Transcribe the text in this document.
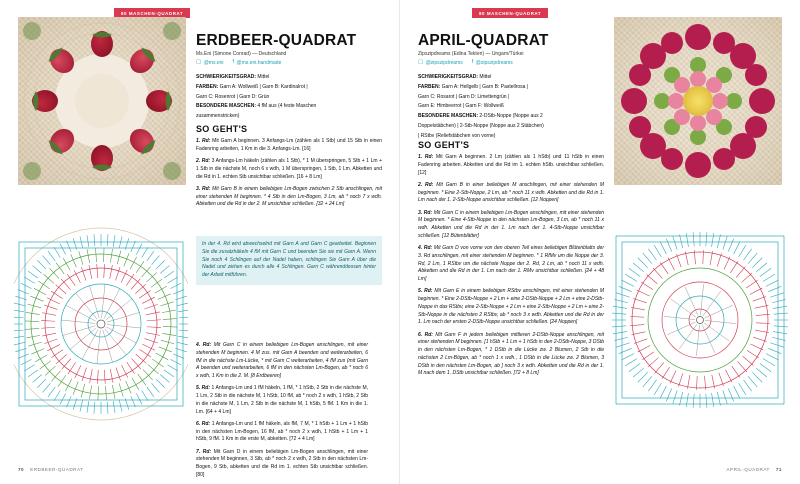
80 MASCHEN-QUADRAT
ERDBEER-QUADRAT
Ms.Eni (Simone Conrad) — Deutschland
▢ @ms.eni f @ms.eni.handmade
SCHWIERIGKEITSGRAD: Mittel
FARBEN: Garn A: Wollweiß | Garn B: Kardinalrot |
Garn C: Rosenrot | Garn D: Grün
BESONDERE MASCHEN: 4 fM aus (4 feste Maschen
zusammenstricken)
SO GEHT'S

1. Rd: Mit Garn A beginnen. 3 Anfangs-Lm (zählen als 1 Stb) und 15 Stb in einen Fadenring arbeiten, 1 Km in die 3. Anfangs-Lm. [16]

2. Rd: 3 Anfangs-Lm häkeln (zählen als 1 Stb), * 1 M überspringen, 5 Stb + 1 Lm + 1 Stb in die nächste M, noch 6 x wdh, 1 M überspringen, 1 Stb, 1 Lm. Abketten und die Rd in 1. echten Stb unsichtbar schließen. [16 + 8 Lm]

3. Rd: Mit Garn B in einem beliebigen Lm-Bogen zwischen 2 Stb anschlingen, mit einer stehenden M beginnen. * 4 Stb in den Lm-Bogen, 3 Lm, ab * noch 7 x wdh. Abketten und die Rd in der 2. M unsichtbar schließen. [32 + 24 Lm]

In der 4. Rd wird abwechselnd mit Garn A und Garn C gearbeitet. Beginnen Sie die zusatzhäkeln 4 fM mit Garn C und beenden Sie sie mit Garn A. Wenn Sie noch 4 Schlingen auf der Nadel haben, schlingen Sie Garn A über die Nadel und ziehen es durch alle 4 Schlingen. Garn C währenddessen hinter der Arbeit mitführen.

4. Rd: Mit Garn C in einem beliebigen Lm-Bogen anschlingen, mit einer stehenden M beginnen. 4 M zus. mit Garn A beenden und weiterarbeiten, 6 fM in die nächste Lm-Lücke, * mit Garn C weiterarbeiten, 4 fM zus (mit Garn A beenden und weiterarbeiten, 6 fM in den nächsten Lm-Bogen, ab * noch 6 x wdh, 1 Km in die 2. M. [8 Erdbeeren]

5. Rd: 1 Anfangs-Lm und 1 fM häkeln, 1 fM, * 1 hStb, 2 Stb in die nächste M, 1 Lm, 2 Stb in die nächste M, 1 hStb, 10 fM, ab * noch 2 x wdh, 1 hStb, 2 Stb in die nächste M, 1 Lm, 2 Stb in die nächste M, 1 hStb, 5 fM. 1 Km in die 1. Lm. [64 + 4 Lm]

6. Rd: 1 Anfangs-Lm und 1 fM häkeln, als fM, 7 M, * 1 hStb + 1 Lm + 1 hStb in den nächsten Lm-Bogen, 16 fM, ab * noch 2 x wdh, 1 hStb + 1 Lm + 1 hStb, 9 fM. 1 Km in die erste M, abketten. [72 + 4 Lm]

7. Rd: Mit Garn D in einem beliebigen Lm-Bogen anschlingen, mit einer stehenden M beginnen, 3 Stb, ab * noch 2 x wdh, 2 Stb in den nächsten Lm-Bogen, 9 Stb, abketten und die Rd im 1. echten Stb unsichtbar schließen. [80]

70 ERDBEER-QUADRAT
80 MASCHEN-QUADRAT
APRIL-QUADRAT
Zipszipdreams (Edina Tekten) — Ungarn/Türkei
▢ @zipszipdreams f @zipszipdreams
SCHWIERIGKEITSGRAD: Mittel
FARBEN: Garn A: Hellgelb | Garn B: Pastellrosa |
Garn C: Rosarot | Garn D: Limettengrün |
Garn E: Himbeerrot | Garn F: Wollweiß
BESONDERE MASCHEN: 2-DStb-Noppe (Noppe aus 2
Doppelstäbchen) | 2-Stb-Noppe (Noppe aus 2 Stäbchen)
| RStbv (Reliefstäbchen von vorne)
SO GEHT'S

1. Rd: Mit Garn A beginnen. 2 Lm (zählen als 1 hStb) und 11 hStb in einen Fadenring arbeiten. Abketten und die Rd im 1. echten hStb. unsichtbar schließen. [12]

2. Rd: Mit Garn B in einer beliebigen M anschlingen, mit einer stehenden M beginnen. * Eine 2-Stb-Noppe, 2 Lm, ab * noch 11 x wdh. Abketten und die Rd in 1. Lm nach der 1. 2-Stb-Noppe unsichtbar schließen. [12 Noppen]

3. Rd: Mit Garn C in einem beliebigen Lm-Bogen anschlingen, mit einer stehenden M beginnen. * Eine 4-Stb-Noppe in den nächsten Lm-Bogen, 3 Lm, ab * noch 11 x wdh. Abketten und die Rd in der 1. Lm nach der 1. 4-Stb-Noppe unsichtbar schließen. [12 Bütenblätter]

4. Rd: Mit Garn D von vorne von den oberen Teil eines beliebigen Blütenblatts der 3. Rd anschlingen, mit einer stehenden M beginnen. * 1 RfMv um die Noppe der 3. Rd, 2 Lm, 1 RStbv um die nächste Noppe der 2. Rd, 2 Lm, ab * noch 11 x wdh. Abketten und die Rd in der 1. Lm nach der 1. RMv unsichtbar schließen. [24 + 48 Lm]

5. Rd: Mit Garn E in einem beliebigen RStbv anschlingen, mit einer stehenden M beginnen. * Eine 2-DStb-Noppe + 2 Lm + eine 2-DStb-Noppe + 2 Lm + eine 2-DStb-Noppe in das RStbv, eine 2-Stb-Noppe + 2 Lm + eine 2-Stb-Noppe + 2 Lm + eine 2-Stb-Noppe in die nächsten 2 RStbv, ab * noch 3 x wdh. Abketten und die Rd in der 1. Lm nach der ersten 2-DStb-Noppe unsichtbar schließen. [24 Noppen]

6. Rd: Mit Garn F in jedem beliebigen mittleren 2-DStb-Noppe anschlingen, mit einer stehenden M beginnen. [1 hStb + 1 Lm + 1 hStb in den 2-DStb-Noppe, 3 DStb in den nächsten Lm-Bogen, * 1 DStb in die Lücke zw. 2 Blumen, 2 Stb in die nächsten 2 Lm-Bögen, ab * noch 1 x wdh., 1 DStb in die Lücke zw. 2 Blumen, 3 DStb in den nächsten Lm-Bogen, ab ] noch 3 x wdh. Abketten und die Rd in der 1. M nach dem 1. DStb unsichtbar schließen. [72 + 8 Lm]

APRIL-QUADRAT 71
